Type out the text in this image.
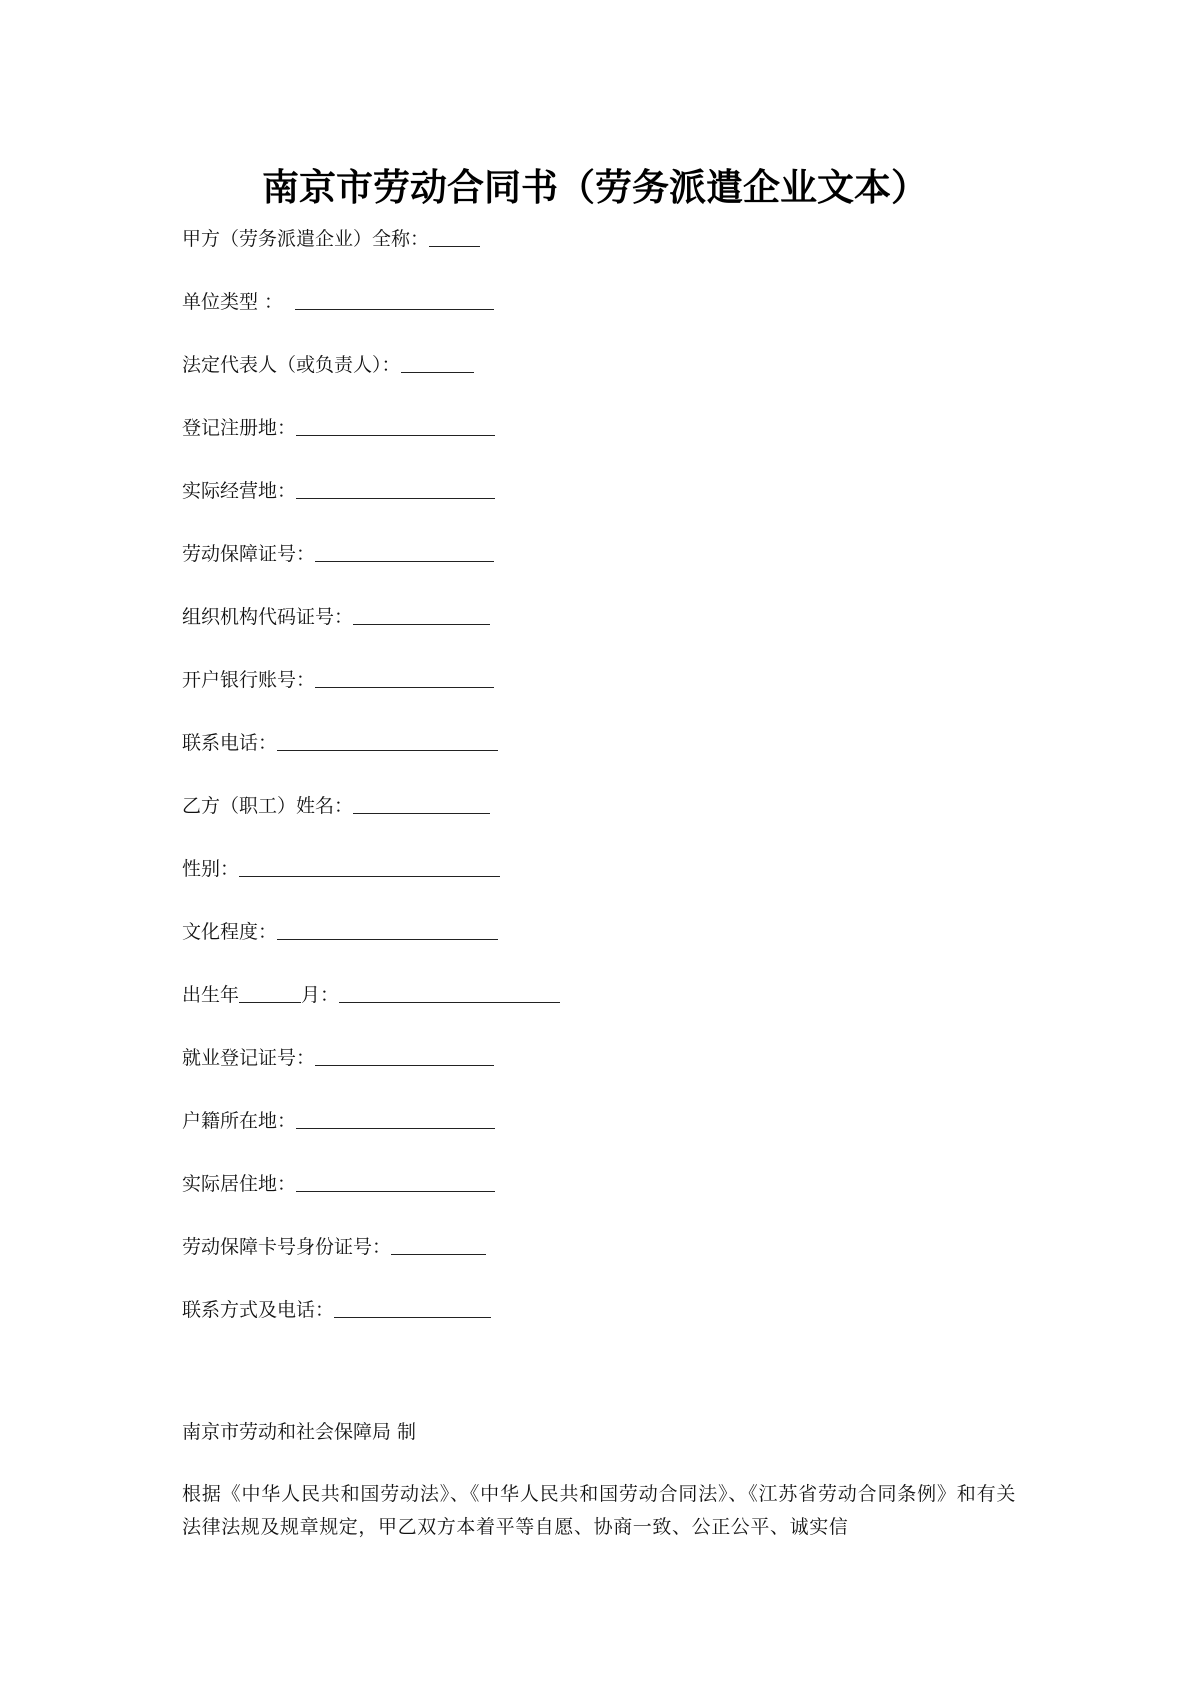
南京市劳动合同书（劳务派遣企业文本）
甲方（劳务派遣企业）全称：
单位类型 ：
法定代表人（或负责人）：
登记注册地：
实际经营地：
劳动保障证号：
组织机构代码证号：
开户银行账号：
联系电话：
乙方（职工）姓名：
性别：
文化程度：
出生年	月：
就业登记证号：
户籍所在地：
实际居住地：
劳动保障卡号身份证号：
联系方式及电话：
南京市劳动和社会保障局 制
根据《中华人民共和国劳动法》、《中华人民共和国劳动合同法》、《江苏省劳动合同条例》和有关法律法规及规章规定，甲乙双方本着平等自愿、协商一致、公正公平、诚实信
